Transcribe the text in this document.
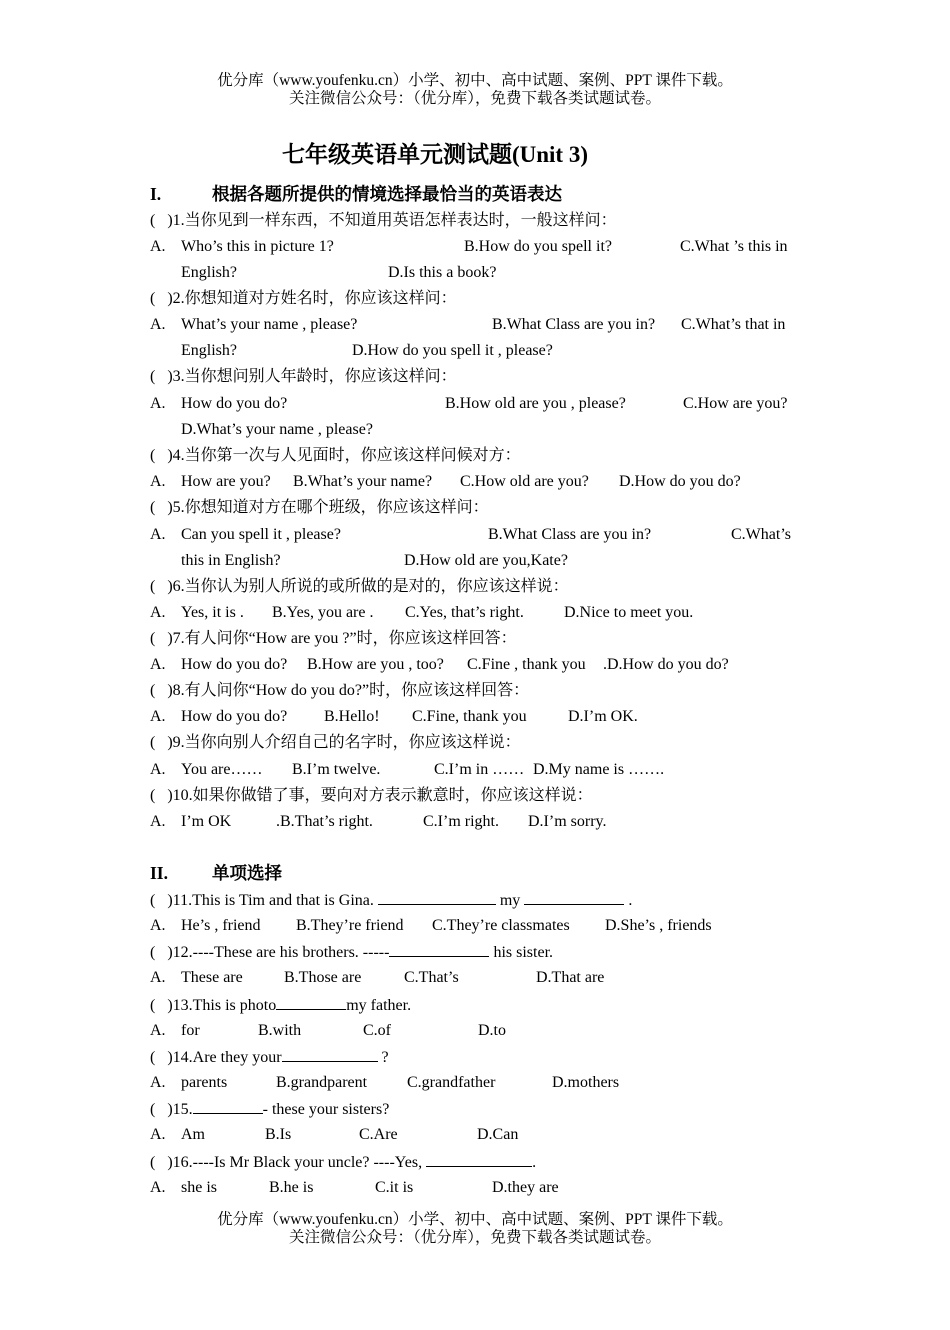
优分库（www.youfenku.cn）小学、初中、高中试题、案例、PPT 课件下载。
关注微信公众号：（优分库），免费下载各类试题试卷。
七年级英语单元测试题(Unit 3)
I.	根据各题所提供的情境选择最恰当的英语表达
(   )1.当你见到一样东西，不知道用英语怎样表达时，一般这样问：
A. Who’s this in picture 1?	B.How do you spell it?	C.What ’s this in
English?	D.Is this a book?
(   )2.你想知道对方姓名时，你应该这样问：
A. What’s your name , please?	B.What Class are you in? C.What’s that in
English?	D.How do you spell it , please?
(   )3.当你想问别人年龄时，你应该这样问：
A. How do you do?	B.How old are you , please?	C.How are you?
D.What’s your name , please?
(   )4.当你第一次与人见面时，你应该这样问候对方：
A. How are you? B.What’s your name? C.How old are you? D.How do you do?
(   )5.你想知道对方在哪个班级，你应该这样问：
A. Can you spell it , please?	B.What Class are you in?	C.What’s
this in English?	D.How old are you,Kate?
(   )6.当你认为别人所说的或所做的是对的，你应该这样说：
A. Yes, it is . B.Yes, you are . C.Yes, that’s right.	D.Nice to meet you.
(   )7.有人问你“How are you ?”时，你应该这样回答：
A. How do you do? B.How are you , too? C.Fine , thank you .D.How do you do?
(   )8.有人问你“How do you do?”时，你应该这样回答：
A. How do you do? B.Hello! C.Fine, thank you	D.I’m OK.
(   )9.当你向别人介绍自己的名字时，你应该这样说：
A. You are…… B.I’m twelve.	C.I’m in …… D.My name is …….
(   )10.如果你做错了事，要向对方表示歉意时，你应该这样说：
A. I’m OK	.B.That’s right.	C.I’m right. D.I’m sorry.
II.	单项选择
(   )11.This is Tim and that is Gina.	my	.
A. He’s , friend B.They’re friend C.They’re classmates D.She’s , friends
(   )12.----These are his brothers. -----	his sister.
A. These are	B.Those are	C.That’s	D.That are
(   )13.This is photo	my father.
A. for	B.with	C.of	D.to
(   )14.Are they your	?
A. parents	B.grandparent C.grandfather	D.mothers
(   )15.	- these your sisters?
A. Am	B.Is	C.Are	D.Can
(   )16.----Is Mr Black your uncle? ----Yes,	.
A. she is	B.he is	C.it is	D.they are
优分库（www.youfenku.cn）小学、初中、高中试题、案例、PPT 课件下载。
关注微信公众号：（优分库），免费下载各类试题试卷。
